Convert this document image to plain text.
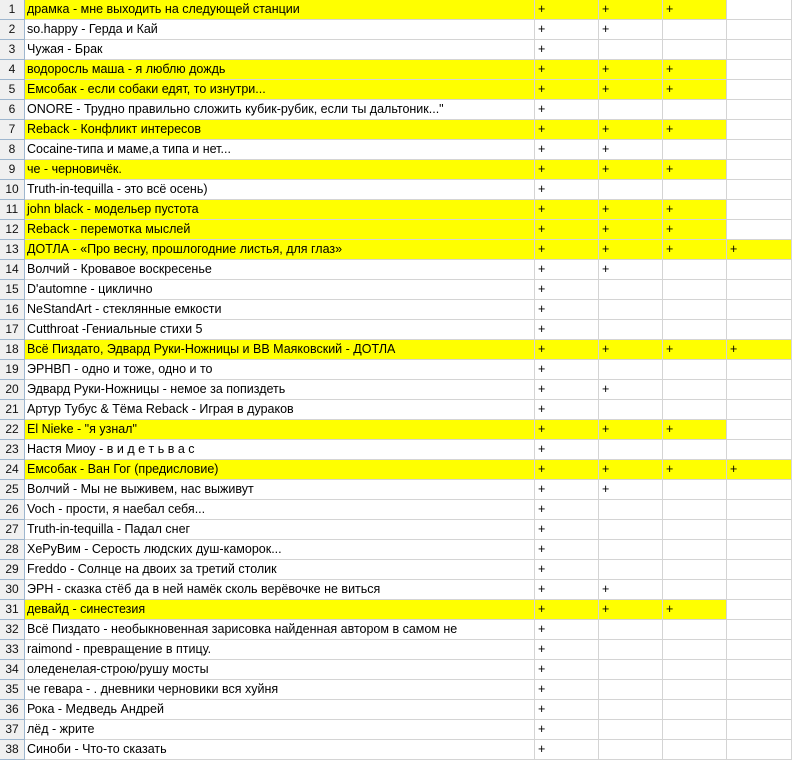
1 драмка - мне выходить на следующей станции	+	+	+
2 so.happy - Герда и Кай	+	+
3 Чужая - Брак	+
4 водоросль маша - я люблю дождь	+	+	+
5 Емсобак - если собаки едят, то изнутри...	+	+	+
6 ONORE - Трудно правильно сложить кубик-рубик, если ты дальтоник..."	+
7 Reback - Конфликт интересов	+	+	+
8 Cocaine-типа и маме,а типа и нет...	+	+
9 че - черновичёк.	+	+	+
10 Truth-in-tequilla - это всё осень)	+
11 john black - модельер пустота	+	+	+
12 Reback - перемотка мыслей	+	+	+
13 ДОТЛА - «Про весну, прошлогодние листья, для глаз»	+	+	+	+
14 Волчий - Кровавое воскресенье	+	+
15 D'automne - циклично	+
16 NeStandArt - стеклянные емкости	+
17 Cutthroat -Гениальные стихи 5	+
18 Всё Пиздато, Эдвард Руки-Ножницы и ВВ Маяковский - ДОТЛА	+	+	+	+
19 ЭРНВП - одно и тоже, одно и то	+
20 Эдвард Руки-Ножницы - немое за попиздеть	+	+
21 Артур Тубус & Тёма Reback - Играя в дураков	+
22 El Nieke - "я узнал"	+	+	+
23 Настя Миоу - в и д е т ь в а с	+
24 Емсобак - Ван Гог (предисловие)	+	+	+	+
25 Волчий - Мы не выживем, нас выживут	+	+
26 Voch - прости, я наебал себя...	+
27 Truth-in-tequilla - Падал снег	+
28 ХеРуВим - Серость людских душ-каморок...	+
29 Freddo - Солнце на двоих за третий столик	+
30 ЭРН - сказка стёб да в ней намёк сколь верёвочке не виться	+	+
31 девайд - синестезия	+	+	+
32 Всё Пиздато - необыкновенная зарисовка найденная автором в самом не	+
33 raimond - превращение в птицу.	+
34 оледенелая-строю/рушу мосты	+
35 че гевара - . дневники черновики вся хуйня	+
36 Рока - Медведь Андрей	+
37 лёд - жрите	+
38 Синоби - Что-то сказать	+
